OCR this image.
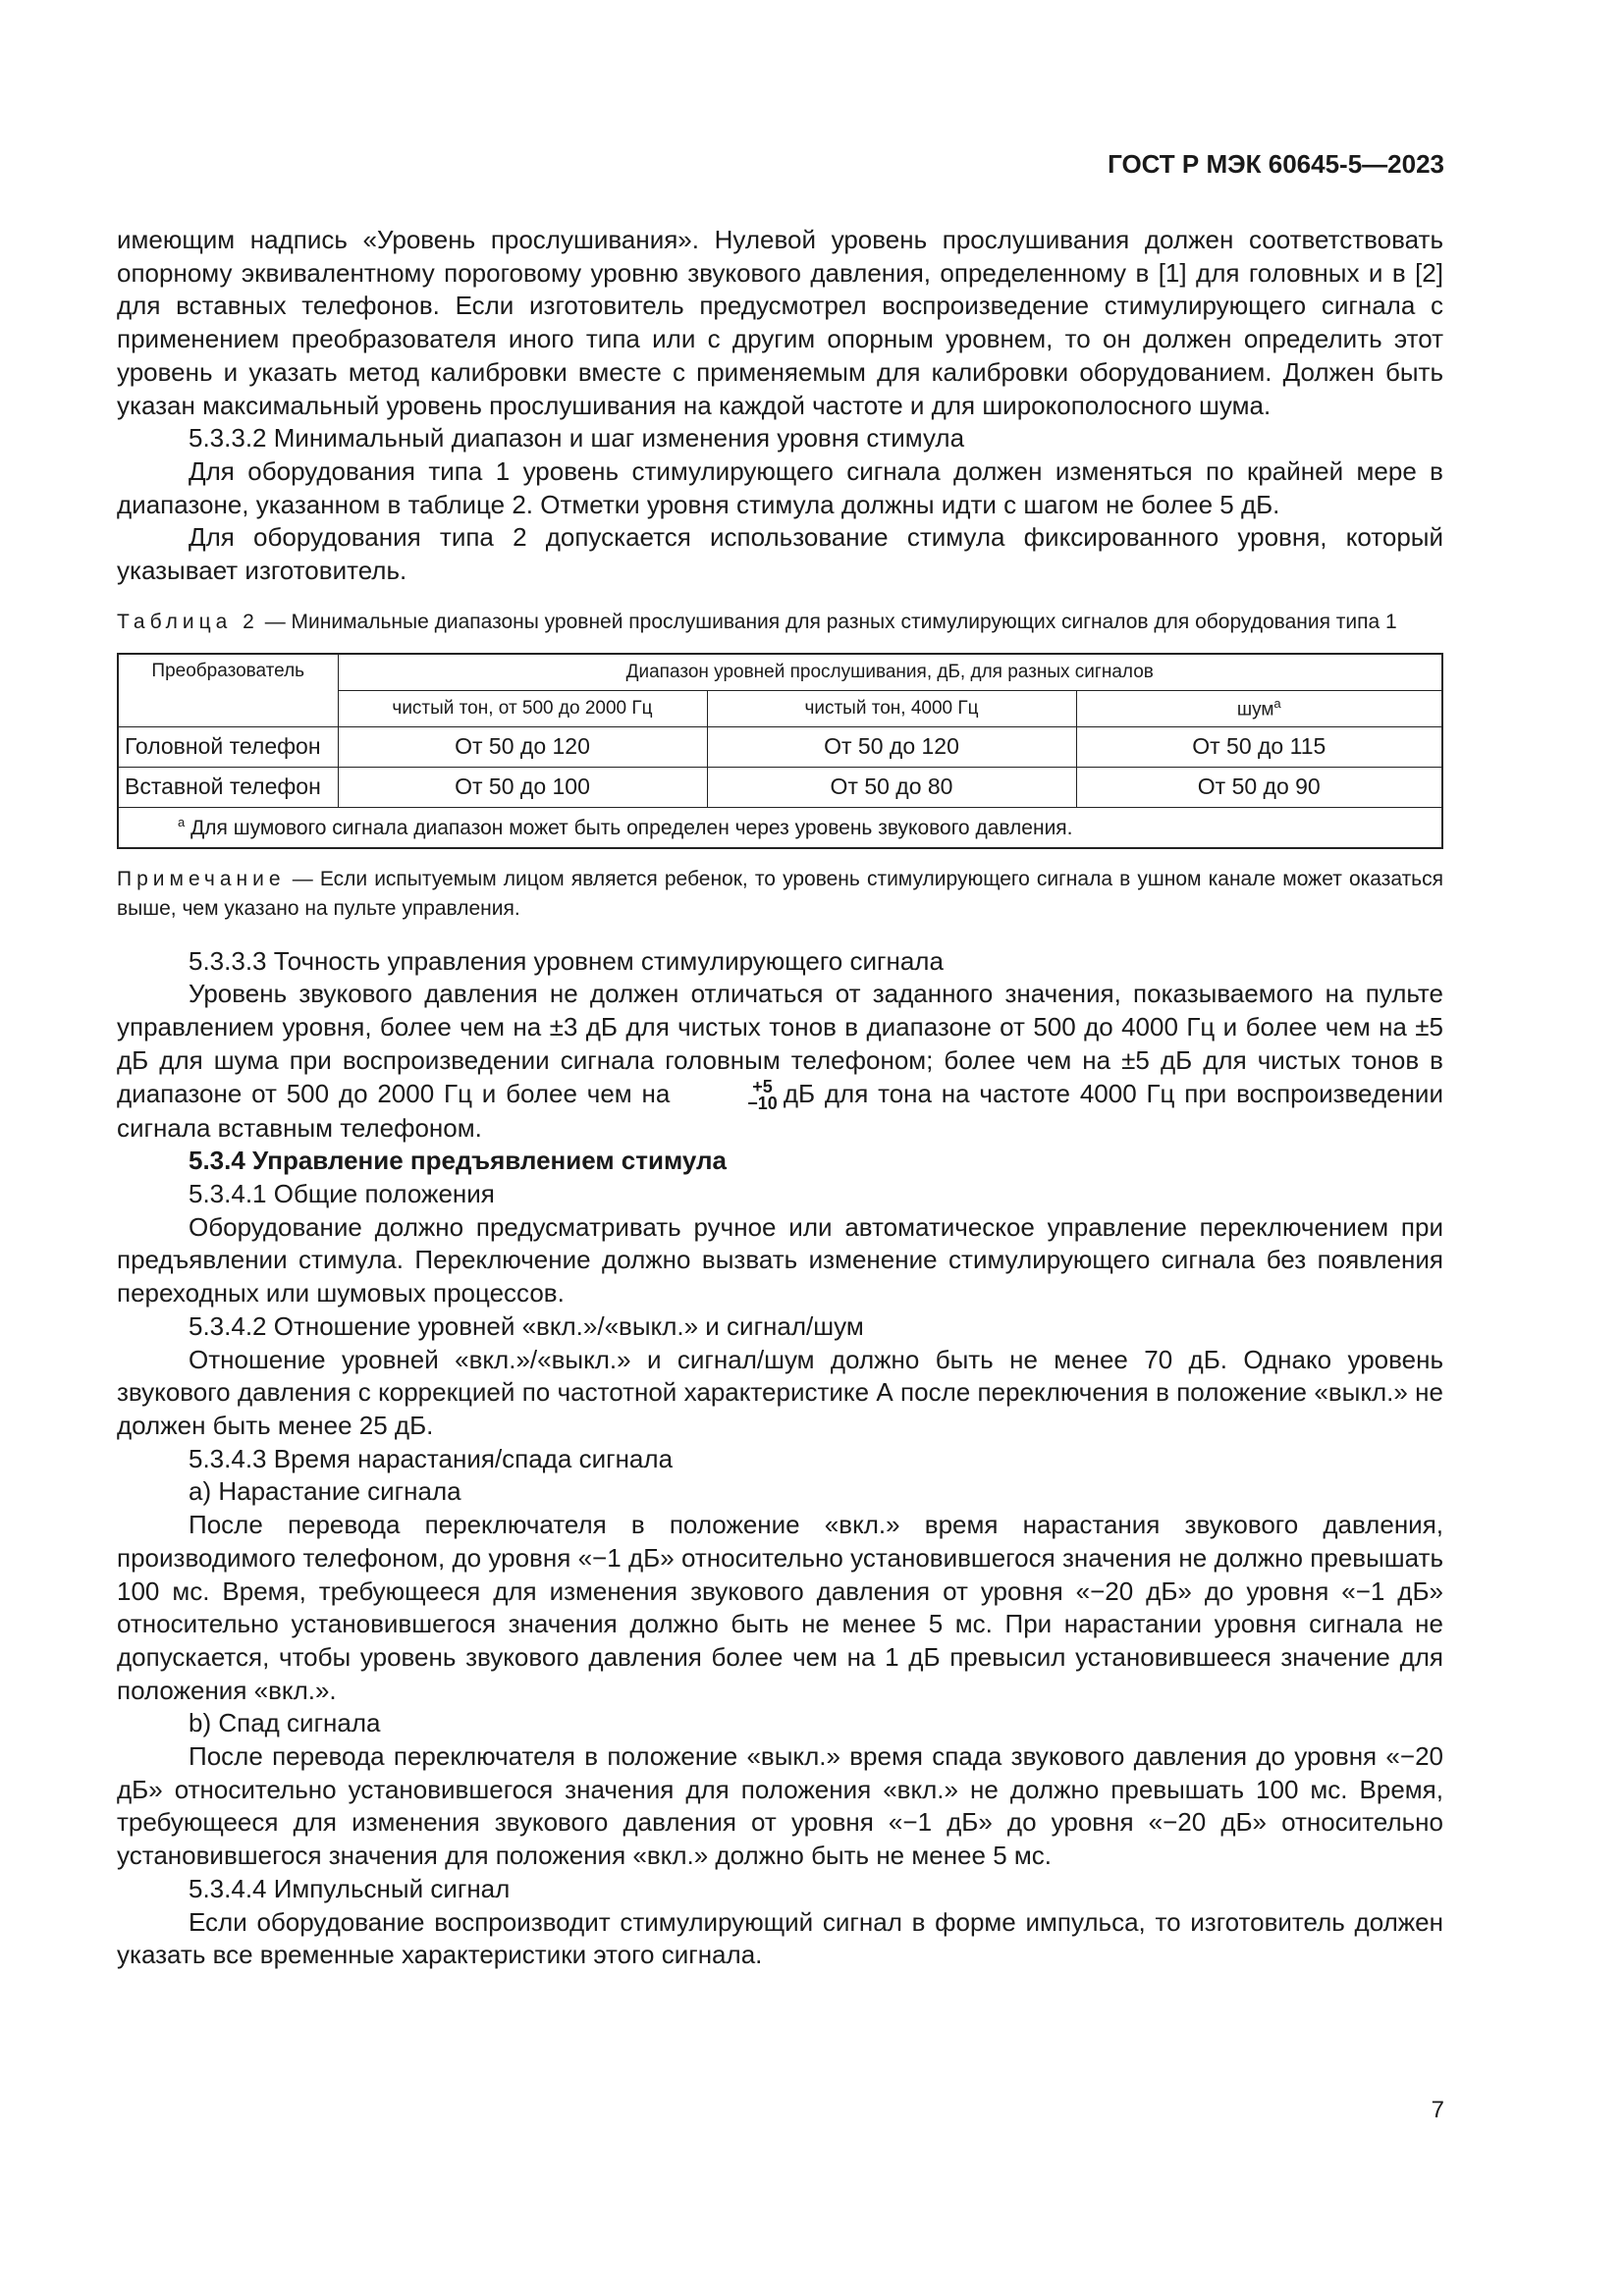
ГОСТ Р МЭК 60645-5—2023

имеющим надпись «Уровень прослушивания». Нулевой уровень прослушивания должен соответствовать опорному эквивалентному пороговому уровню звукового давления, определенному в [1] для головных и в [2] для вставных телефонов. Если изготовитель предусмотрел воспроизведение стимулирующего сигнала с применением преобразователя иного типа или с другим опорным уровнем, то он должен определить этот уровень и указать метод калибровки вместе с применяемым для калибровки оборудованием. Должен быть указан максимальный уровень прослушивания на каждой частоте и для широкополосного шума.

5.3.3.2 Минимальный диапазон и шаг изменения уровня стимула

Для оборудования типа 1 уровень стимулирующего сигнала должен изменяться по крайней мере в диапазоне, указанном в таблице 2. Отметки уровня стимула должны идти с шагом не более 5 дБ.

Для оборудования типа 2 допускается использование стимула фиксированного уровня, который указывает изготовитель.

Таблица 2 — Минимальные диапазоны уровней прослушивания для разных стимулирующих сигналов для оборудования типа 1
Преобразователь	Диапазон уровней прослушивания, дБ, для разных сигналов		
	чистый тон, от 500 до 2000 Гц	чистый тон, 4000 Гц	шум$^a$
Головной телефон	От 50 до 120	От 50 до 120	От 50 до 115
Вставной телефон	От 50 до 100	От 50 до 80	От 50 до 90
$^a$ Для шумового сигнала диапазон может быть определен через уровень звукового давления.			
Примечание — Если испытуемым лицом является ребенок, то уровень стимулирующего сигнала в ушном канале может оказаться выше, чем указано на пульте управления.

5.3.3.3 Точность управления уровнем стимулирующего сигнала

Уровень звукового давления не должен отличаться от заданного значения, показываемого на пульте управлением уровня, более чем на ±3 дБ для чистых тонов в диапазоне от 500 до 4000 Гц и более чем на ±5 дБ для шума при воспроизведении сигнала головным телефоном; более чем на ±5 дБ для чистых тонов в диапазоне от 500 до 2000 Гц и более чем на	+5
−10 дБ для тона на частоте 4000 Гц при воспроизведении сигнала вставным телефоном.

5.3.4 Управление предъявлением стимула

5.3.4.1 Общие положения

Оборудование должно предусматривать ручное или автоматическое управление переключением при предъявлении стимула. Переключение должно вызвать изменение стимулирующего сигнала без появления переходных или шумовых процессов.

5.3.4.2 Отношение уровней «вкл.»/«выкл.» и сигнал/шум

Отношение уровней «вкл.»/«выкл.» и сигнал/шум должно быть не менее 70 дБ. Однако уровень звукового давления с коррекцией по частотной характеристике А после переключения в положение «выкл.» не должен быть менее 25 дБ.

5.3.4.3 Время нарастания/спада сигнала

a) Нарастание сигнала

После перевода переключателя в положение «вкл.» время нарастания звукового давления, производимого телефоном, до уровня «−1 дБ» относительно установившегося значения не должно превышать 100 мс. Время, требующееся для изменения звукового давления от уровня «−20 дБ» до уровня «−1 дБ» относительно установившегося значения должно быть не менее 5 мс. При нарастании уровня сигнала не допускается, чтобы уровень звукового давления более чем на 1 дБ превысил установившееся значение для положения «вкл.».

b) Спад сигнала

После перевода переключателя в положение «выкл.» время спада звукового давления до уровня «−20 дБ» относительно установившегося значения для положения «вкл.» не должно превышать 100 мс. Время, требующееся для изменения звукового давления от уровня «−1 дБ» до уровня «−20 дБ» относительно установившегося значения для положения «вкл.» должно быть не менее 5 мс.

5.3.4.4 Импульсный сигнал

Если оборудование воспроизводит стимулирующий сигнал в форме импульса, то изготовитель должен указать все временные характеристики этого сигнала.

7
